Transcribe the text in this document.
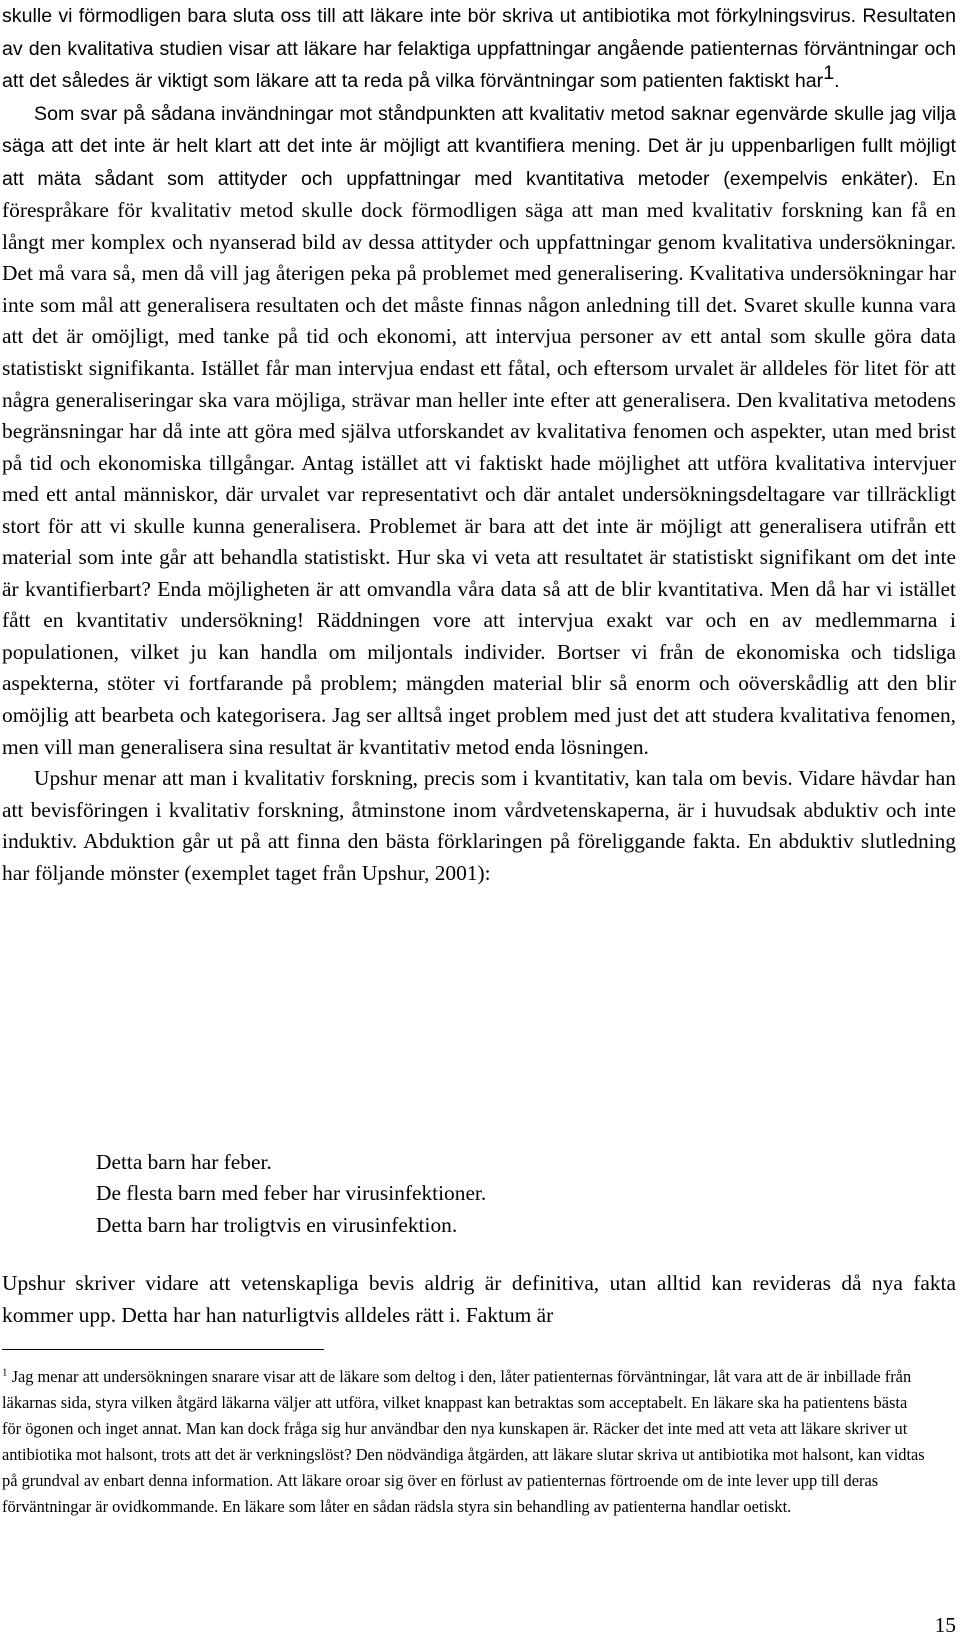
skulle vi förmodligen bara sluta oss till att läkare inte bör skriva ut antibiotika mot förkylningsvirus. Resultaten av den kvalitativa studien visar att läkare har felaktiga uppfattningar angående patienternas förväntningar och att det således är viktigt som läkare att ta reda på vilka förväntningar som patienten faktiskt har$^1$.

Som svar på sådana invändningar mot ståndpunkten att kvalitativ metod saknar egenvärde skulle jag vilja säga att det inte är helt klart att det inte är möjligt att kvantifiera mening. Det är ju uppenbarligen fullt möjligt att mäta sådant som attityder och uppfattningar med kvantitativa metoder (exempelvis enkäter). En förespråkare för kvalitativ metod skulle dock förmodligen säga att man med kvalitativ forskning kan få en långt mer komplex och nyanserad bild av dessa attityder och uppfattningar genom kvalitativa undersökningar. Det må vara så, men då vill jag återigen peka på problemet med generalisering. Kvalitativa undersökningar har inte som mål att generalisera resultaten och det måste finnas någon anledning till det. Svaret skulle kunna vara att det är omöjligt, med tanke på tid och ekonomi, att intervjua personer av ett antal som skulle göra data statistiskt signifikanta. Istället får man intervjua endast ett fåtal, och eftersom urvalet är alldeles för litet för att några generaliseringar ska vara möjliga, strävar man heller inte efter att generalisera. Den kvalitativa metodens begränsningar har då inte att göra med själva utforskandet av kvalitativa fenomen och aspekter, utan med brist på tid och ekonomiska tillgångar. Antag istället att vi faktiskt hade möjlighet att utföra kvalitativa intervjuer med ett antal människor, där urvalet var representativt och där antalet undersökningsdeltagare var tillräckligt stort för att vi skulle kunna generalisera. Problemet är bara att det inte är möjligt att generalisera utifrån ett material som inte går att behandla statistiskt. Hur ska vi veta att resultatet är statistiskt signifikant om det inte är kvantifierbart? Enda möjligheten är att omvandla våra data så att de blir kvantitativa. Men då har vi istället fått en kvantitativ undersökning! Räddningen vore att intervjua exakt var och en av medlemmarna i populationen, vilket ju kan handla om miljontals individer. Bortser vi från de ekonomiska och tidsliga aspekterna, stöter vi fortfarande på problem; mängden material blir så enorm och oöverskådlig att den blir omöjlig att bearbeta och kategorisera. Jag ser alltså inget problem med just det att studera kvalitativa fenomen, men vill man generalisera sina resultat är kvantitativ metod enda lösningen.

Upshur menar att man i kvalitativ forskning, precis som i kvantitativ, kan tala om bevis. Vidare hävdar han att bevisföringen i kvalitativ forskning, åtminstone inom vårdvetenskaperna, är i huvudsak abduktiv och inte induktiv. Abduktion går ut på att finna den bästa förklaringen på föreliggande fakta. En abduktiv slutledning har följande mönster (exemplet taget från Upshur, 2001):

Detta barn har feber.
De flesta barn med feber har virusinfektioner.
Detta barn har troligtvis en virusinfektion.

Upshur skriver vidare att vetenskapliga bevis aldrig är definitiva, utan alltid kan revideras då nya fakta kommer upp. Detta har han naturligtvis alldeles rätt i. Faktum är

$^1$ Jag menar att undersökningen snarare visar att de läkare som deltog i den, låter patienternas förväntningar, låt vara att de är inbillade från läkarnas sida, styra vilken åtgärd läkarna väljer att utföra, vilket knappast kan betraktas som acceptabelt. En läkare ska ha patientens bästa för ögonen och inget annat. Man kan dock fråga sig hur användbar den nya kunskapen är. Räcker det inte med att veta att läkare skriver ut antibiotika mot halsont, trots att det är verkningslöst? Den nödvändiga åtgärden, att läkare slutar skriva ut antibiotika mot halsont, kan vidtas på grundval av enbart denna information. Att läkare oroar sig över en förlust av patienternas förtroende om de inte lever upp till deras förväntningar är ovidkommande. En läkare som låter en sådan rädsla styra sin behandling av patienterna handlar oetiskt.

15
